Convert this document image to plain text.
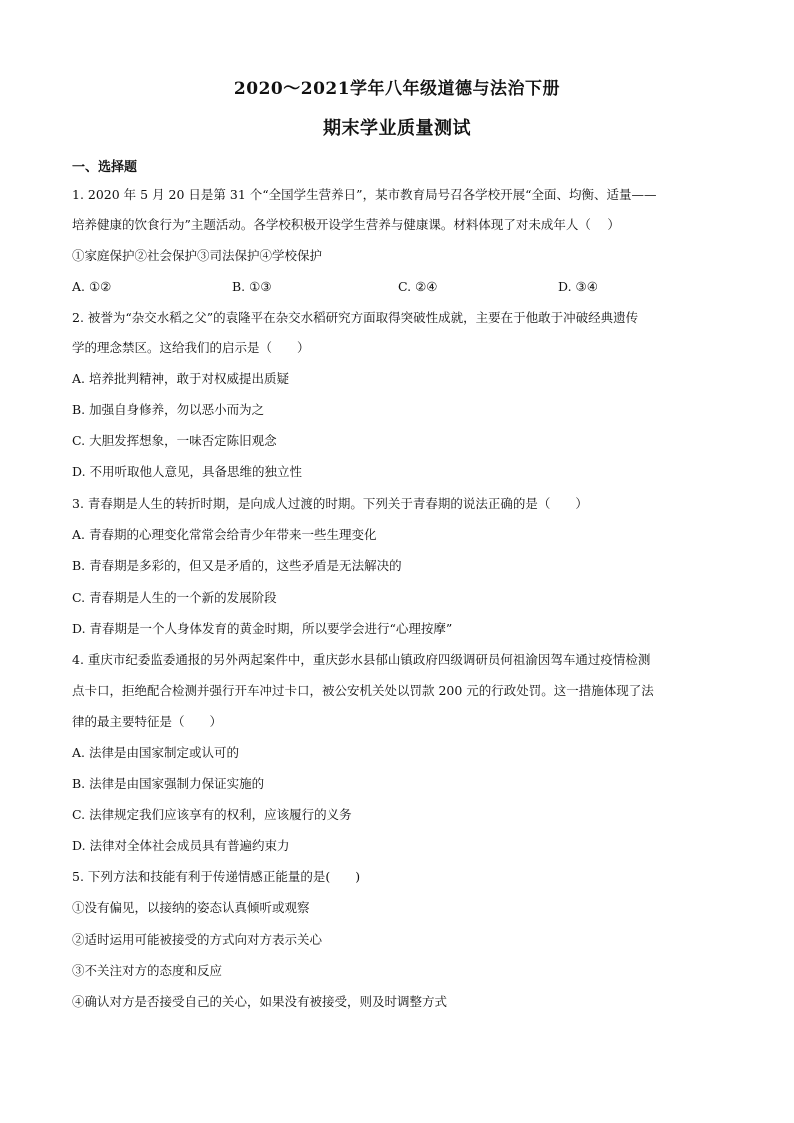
2020～2021学年八年级道德与法治下册
期末学业质量测试
一、选择题
1. 2020 年 5 月 20 日是第 31 个“全国学生营养日”，某市教育局号召各学校开展“全面、均衡、适量——
培养健康的饮食行为”主题活动。各学校积极开设学生营养与健康课。材料体现了对未成年人（　 ）
①家庭保护②社会保护③司法保护④学校保护
A. ①②	B. ①③	C. ②④	D. ③④
2. 被誉为“杂交水稻之父”的袁隆平在杂交水稻研究方面取得突破性成就，主要在于他敢于冲破经典遗传
学的理念禁区。这给我们的启示是（　　）
A. 培养批判精神，敢于对权威提出质疑
B. 加强自身修养，勿以恶小而为之
C. 大胆发挥想象，一味否定陈旧观念
D. 不用听取他人意见，具备思维的独立性
3. 青春期是人生的转折时期，是向成人过渡的时期。下列关于青春期的说法正确的是（　　）
A. 青春期的心理变化常常会给青少年带来一些生理变化
B. 青春期是多彩的，但又是矛盾的，这些矛盾是无法解决的
C. 青春期是人生的一个新的发展阶段
D. 青春期是一个人身体发育的黄金时期，所以要学会进行“心理按摩”
4. 重庆市纪委监委通报的另外两起案件中，重庆彭水县郁山镇政府四级调研员何祖渝因驾车通过疫情检测
点卡口，拒绝配合检测并强行开车冲过卡口，被公安机关处以罚款 200 元的行政处罚。这一措施体现了法
律的最主要特征是（　　）
A. 法律是由国家制定或认可的
B. 法律是由国家强制力保证实施的
C. 法律规定我们应该享有的权利，应该履行的义务
D. 法律对全体社会成员具有普遍约束力
5. 下列方法和技能有利于传递情感正能量的是(　　)
①没有偏见，以接纳的姿态认真倾听或观察
②适时运用可能被接受的方式向对方表示关心
③不关注对方的态度和反应
④确认对方是否接受自己的关心，如果没有被接受，则及时调整方式
